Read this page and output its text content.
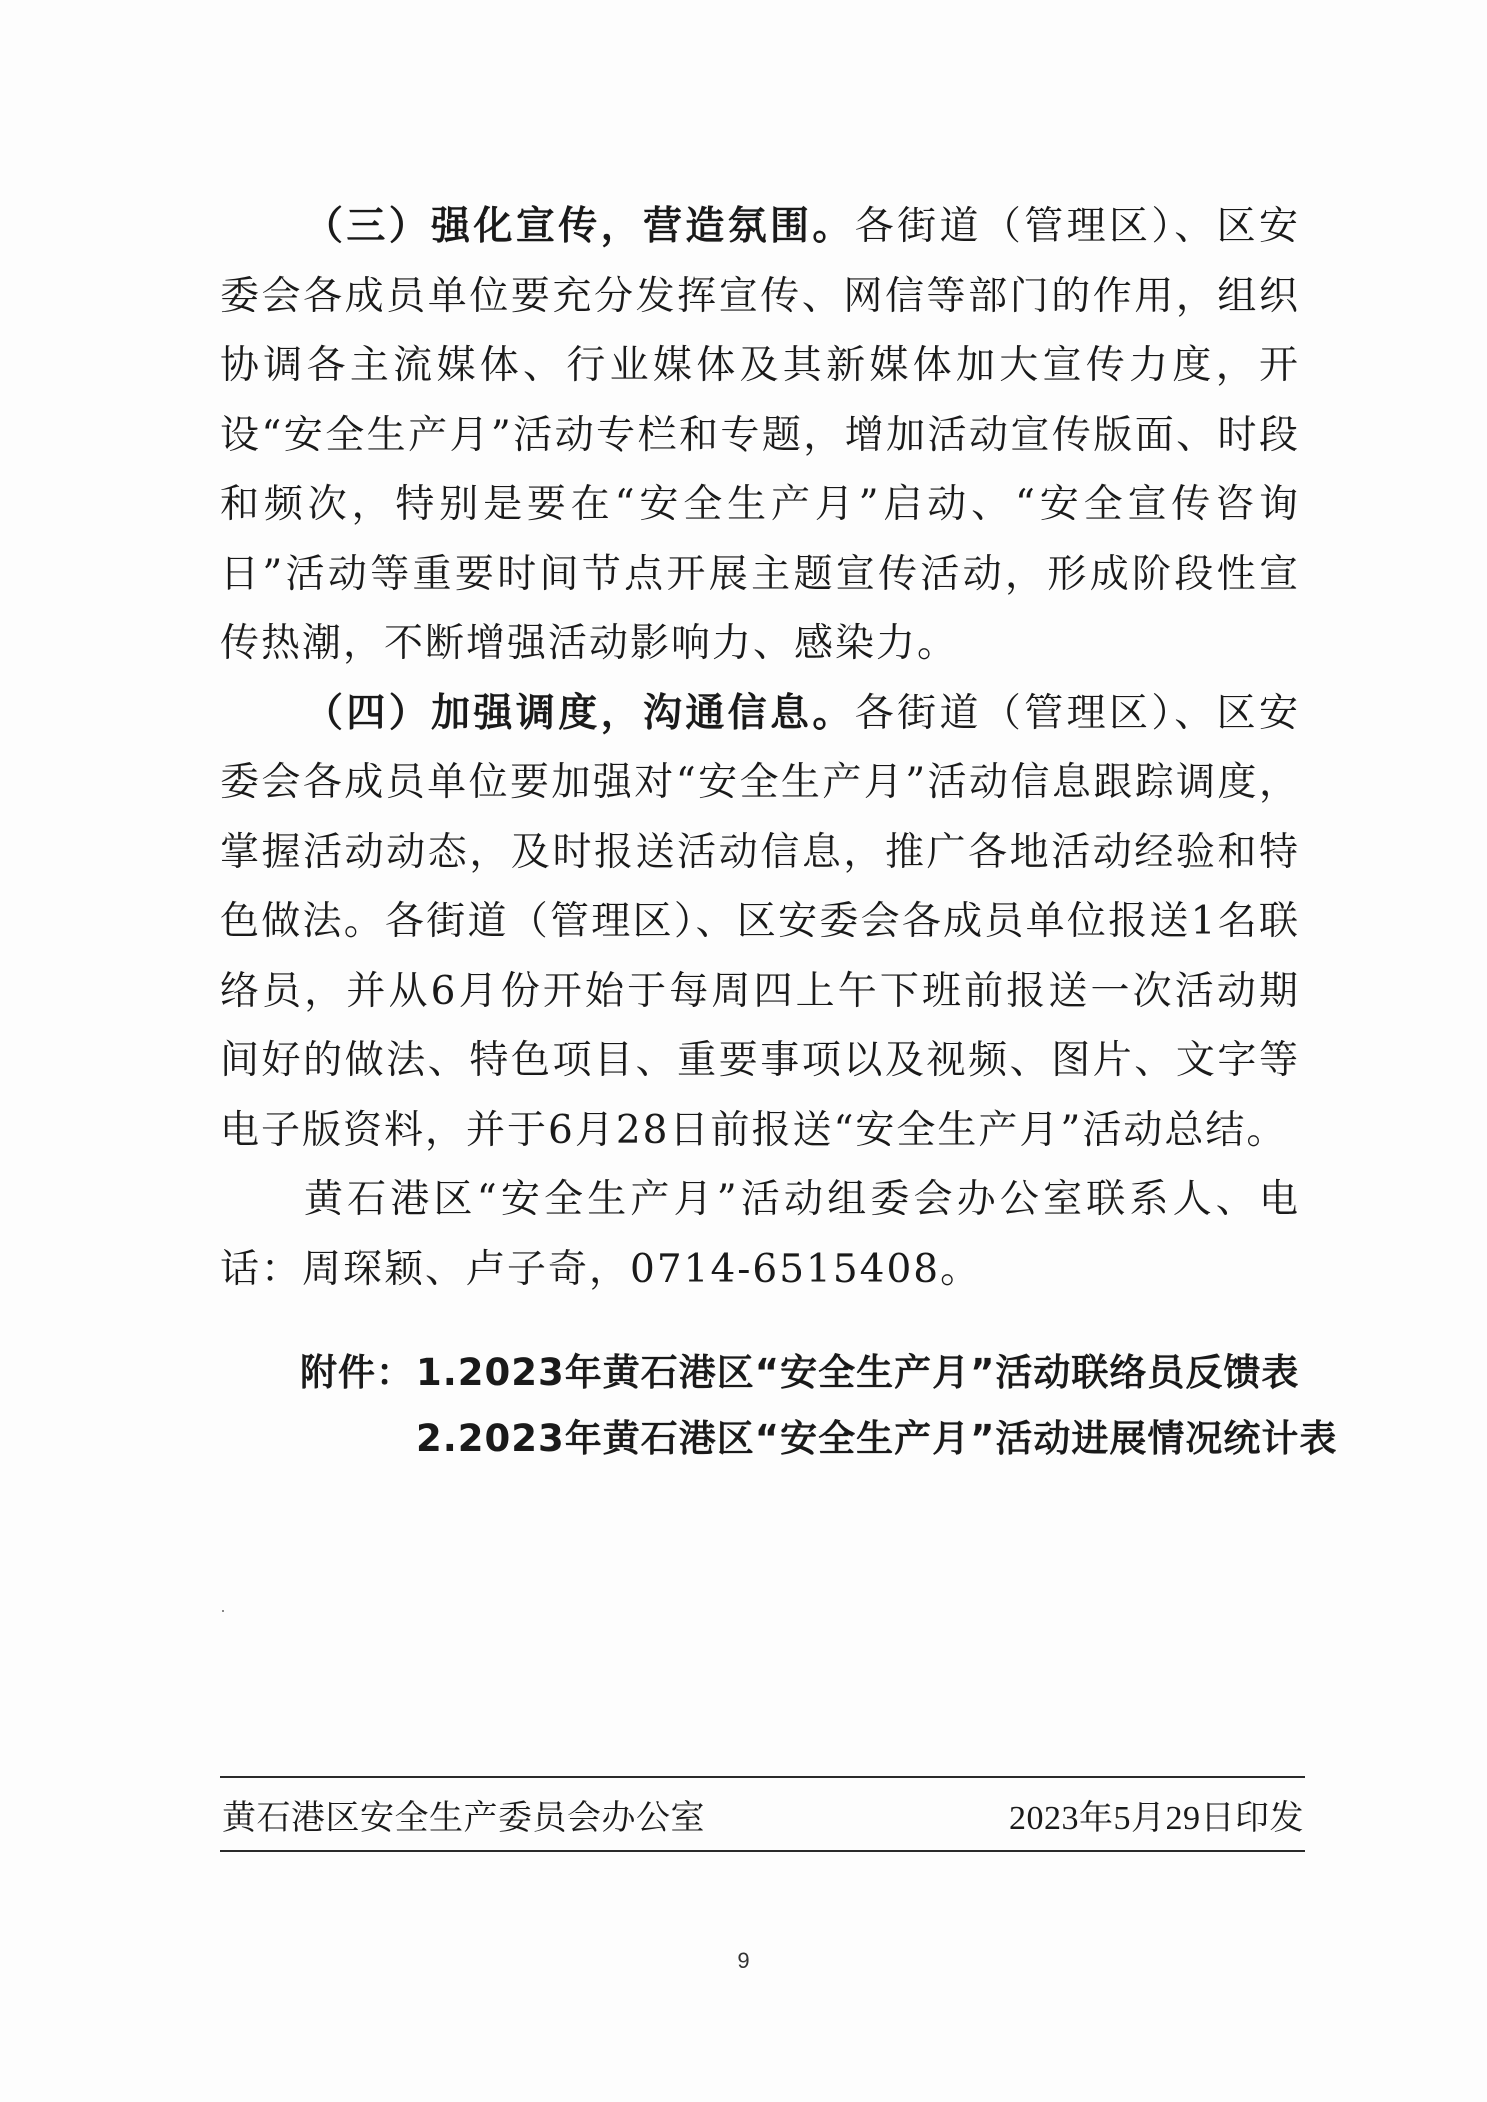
（三）强化宣传，营造氛围。各街道（管理区）、区安委会各成员单位要充分发挥宣传、网信等部门的作用，组织协调各主流媒体、行业媒体及其新媒体加大宣传力度，开设“安全生产月”活动专栏和专题，增加活动宣传版面、时段和频次，特别是要在“安全生产月”启动、“安全宣传咨询日”活动等重要时间节点开展主题宣传活动，形成阶段性宣传热潮，不断增强活动影响力、感染力。

（四）加强调度，沟通信息。各街道（管理区）、区安委会各成员单位要加强对“安全生产月”活动信息跟踪调度，掌握活动动态，及时报送活动信息，推广各地活动经验和特色做法。各街道（管理区）、区安委会各成员单位报送1名联络员，并从6月份开始于每周四上午下班前报送一次活动期间好的做法、特色项目、重要事项以及视频、图片、文字等电子版资料，并于6月28日前报送“安全生产月”活动总结。

黄石港区“安全生产月”活动组委会办公室联系人、电话：周琛颖、卢子奇，0714-6515408。

附件： 1.2023年黄石港区“安全生产月”活动联络员反馈表
2.2023年黄石港区“安全生产月”活动进展情况统计表
黄石港区安全生产委员会办公室	2023年5月29日印发
9
